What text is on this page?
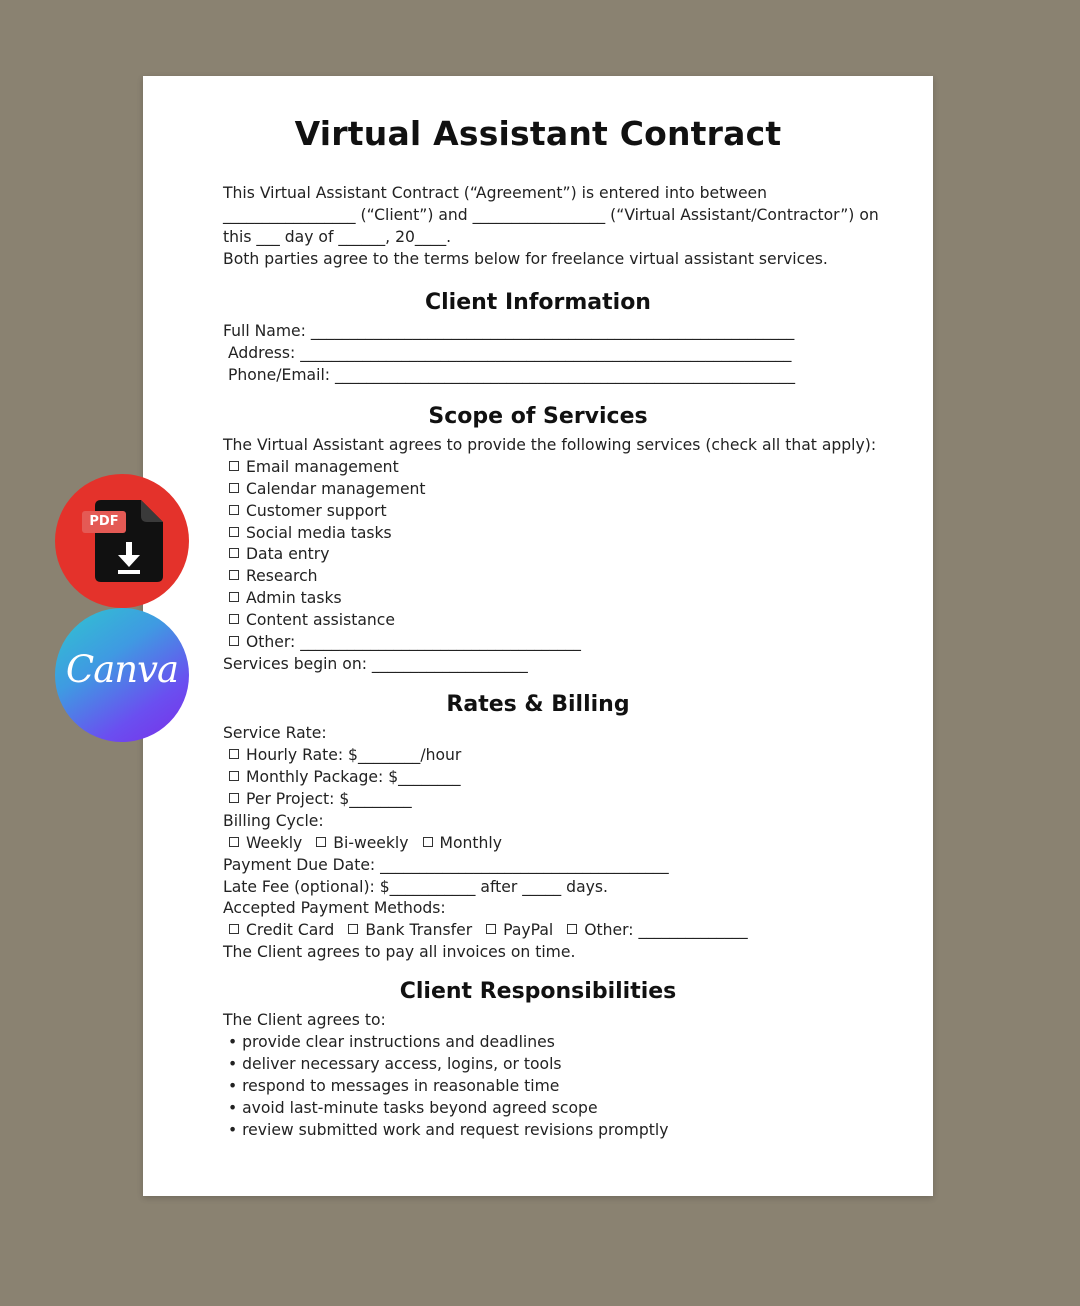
Virtual Assistant Contract
This Virtual Assistant Contract (“Agreement”) is entered into between
_________________ (“Client”) and _________________ (“Virtual Assistant/Contractor”) on
this ___ day of ______, 20____.
Both parties agree to the terms below for freelance virtual assistant services.
Client Information
Full Name: ______________________________________________________________
Address: _______________________________________________________________
Phone/Email: ___________________________________________________________
Scope of Services
The Virtual Assistant agrees to provide the following services (check all that apply):
Email management
Calendar management
Customer support
Social media tasks
Data entry
Research
Admin tasks
Content assistance
Other: ____________________________________
Services begin on: ____________________
Rates & Billing
Service Rate:
Hourly Rate: $________/hour
Monthly Package: $________
Per Project: $________
Billing Cycle:
Weekly Bi-weekly Monthly
Payment Due Date: _____________________________________
Late Fee (optional): $___________ after _____ days.
Accepted Payment Methods:
Credit Card Bank Transfer PayPal Other: ______________
The Client agrees to pay all invoices on time.
Client Responsibilities
The Client agrees to:
• provide clear instructions and deadlines
• deliver necessary access, logins, or tools
• respond to messages in reasonable time
• avoid last-minute tasks beyond agreed scope
• review submitted work and request revisions promptly
PDF
Canva
